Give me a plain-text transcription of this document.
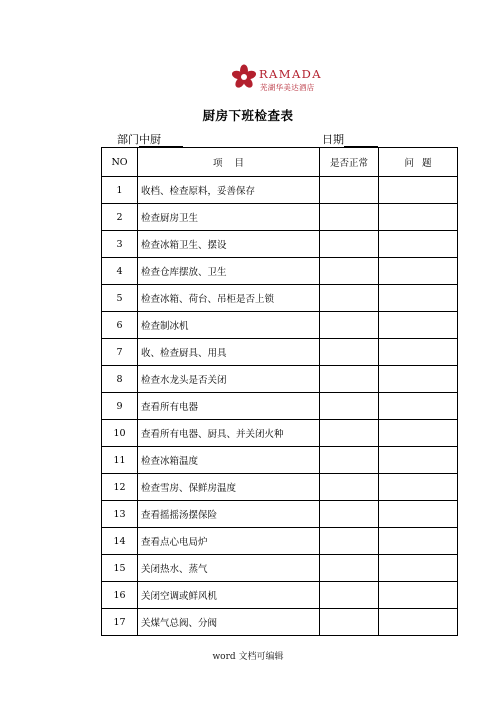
RAMADA
芜湖华美达酒店
厨房下班检查表
部门中厨	日期
NO	项目	是否正常	问题
1	收档、检查原料，妥善保存		
2	检查厨房卫生		
3	检查冰箱卫生、摆设		
4	检查仓库摆放、卫生		
5	检查冰箱、荷台、吊柜是否上锁		
6	检查制冰机		
7	收、检查厨具、用具		
8	检查水龙头是否关闭		
9	查看所有电器		
10	查看所有电器、厨具、并关闭火种		
11	检查冰箱温度		
12	检查雪房、保鲜房温度		
13	查看摇摇汤摆保险		
14	查看点心电局炉		
15	关闭热水、蒸气		
16	关闭空调或鲜风机		
17	关煤气总阀、分阀		
word 文档可编辑
